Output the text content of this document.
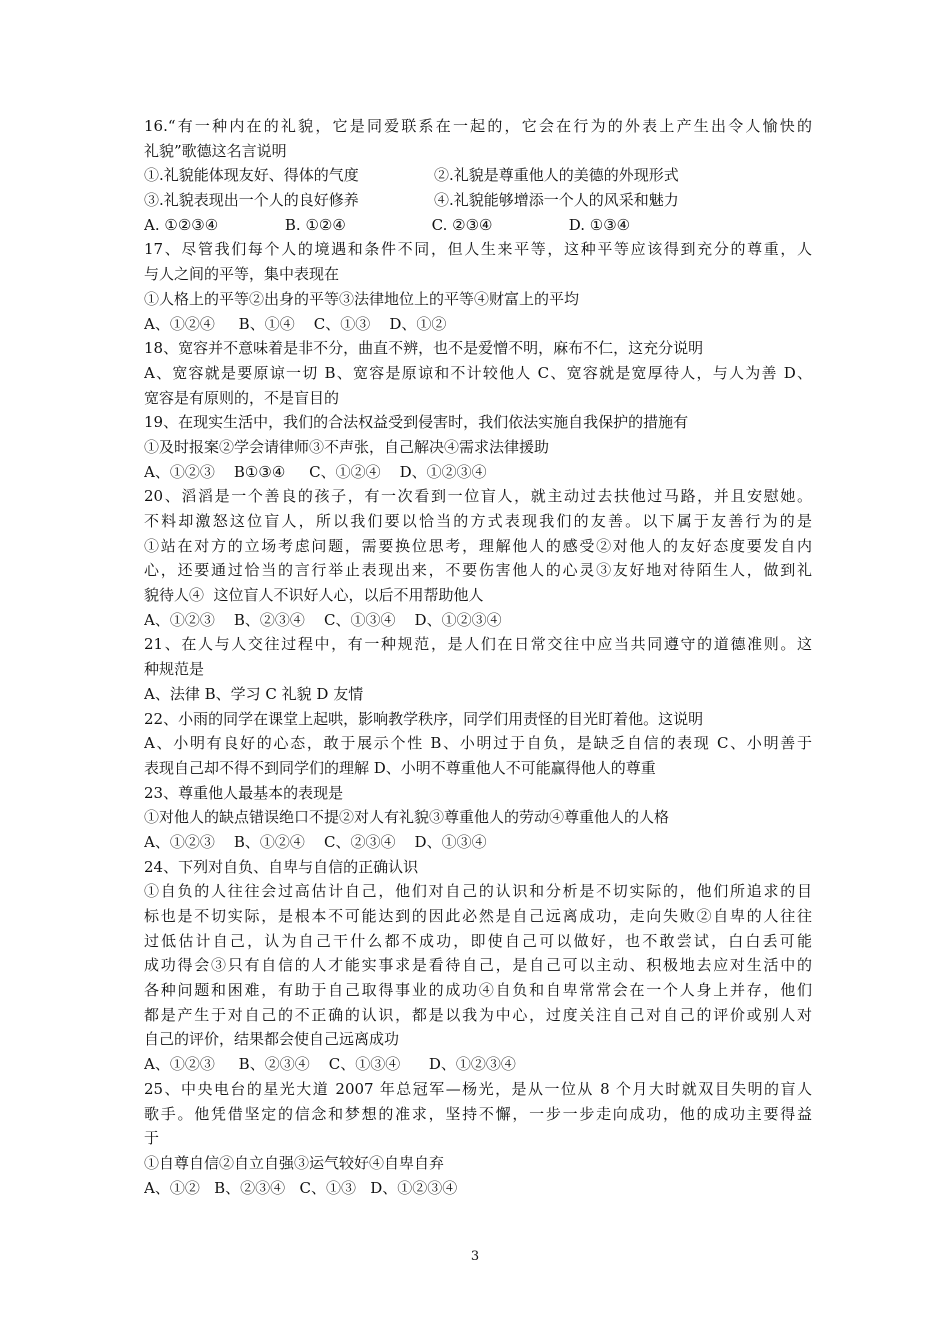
16.“有一种内在的礼貌，它是同爱联系在一起的，它会在行为的外表上产生出令人愉快的
礼貌”歌德这名言说明
①.礼貌能体现友好、得体的气度	②.礼貌是尊重他人的美德的外现形式
③.礼貌表现出一个人的良好修养	④.礼貌能够增添一个人的风采和魅力
A. ①②③④              B. ①②④                  C. ②③④                D. ①③④
17、尽管我们每个人的境遇和条件不同，但人生来平等，这种平等应该得到充分的尊重，人
与人之间的平等，集中表现在
①人格上的平等②出身的平等③法律地位上的平等④财富上的平均
A、①②④     B、①④    C、①③    D、①②
18、宽容并不意味着是非不分，曲直不辨，也不是爱憎不明，麻布不仁，这充分说明
A、宽容就是要原谅一切 B、宽容是原谅和不计较他人 C、宽容就是宽厚待人，与人为善 D、
宽容是有原则的，不是盲目的
19、在现实生活中，我们的合法权益受到侵害时，我们依法实施自我保护的措施有
①及时报案②学会请律师③不声张，自己解决④需求法律援助
A、①②③    B①③④     C、①②④    D、①②③④
20、滔滔是一个善良的孩子，有一次看到一位盲人，就主动过去扶他过马路，并且安慰她。
不料却激怒这位盲人，所以我们要以恰当的方式表现我们的友善。以下属于友善行为的是
①站在对方的立场考虑问题，需要换位思考，理解他人的感受②对他人的友好态度要发自内
心，还要通过恰当的言行举止表现出来，不要伤害他人的心灵③友好地对待陌生人，做到礼
貌待人④  这位盲人不识好人心，以后不用帮助他人
A、①②③    B、②③④    C、①③④    D、①②③④
21、在人与人交往过程中，有一种规范，是人们在日常交往中应当共同遵守的道德准则。这
种规范是
A、法律 B、学习 C 礼貌 D 友情
22、小雨的同学在课堂上起哄，影响教学秩序，同学们用责怪的目光盯着他。这说明
A、小明有良好的心态，敢于展示个性 B、小明过于自负，是缺乏自信的表现 C、小明善于
表现自己却不得不到同学们的理解 D、小明不尊重他人不可能赢得他人的尊重
23、尊重他人最基本的表现是
①对他人的缺点错误绝口不提②对人有礼貌③尊重他人的劳动④尊重他人的人格
A、①②③    B、①②④    C、②③④    D、①③④
24、下列对自负、自卑与自信的正确认识
①自负的人往往会过高估计自己，他们对自己的认识和分析是不切实际的，他们所追求的目
标也是不切实际，是根本不可能达到的因此必然是自己远离成功，走向失败②自卑的人往往
过低估计自己，认为自己干什么都不成功，即使自己可以做好，也不敢尝试，白白丢可能
成功得会③只有自信的人才能实事求是看待自己，是自己可以主动、积极地去应对生活中的
各种问题和困难，有助于自己取得事业的成功④自负和自卑常常会在一个人身上并存，他们
都是产生于对自己的不正确的认识，都是以我为中心，过度关注自己对自己的评价或别人对
自己的评价，结果都会使自己远离成功
A、①②③     B、②③④    C、①③④      D、①②③④
25、中央电台的星光大道 2007 年总冠军—杨光，是从一位从 8 个月大时就双目失明的盲人
歌手。他凭借坚定的信念和梦想的准求，坚持不懈，一步一步走向成功，他的成功主要得益
于
①自尊自信②自立自强③运气较好④自卑自弃
A、①②   B、②③④   C、①③   D、①②③④
3
